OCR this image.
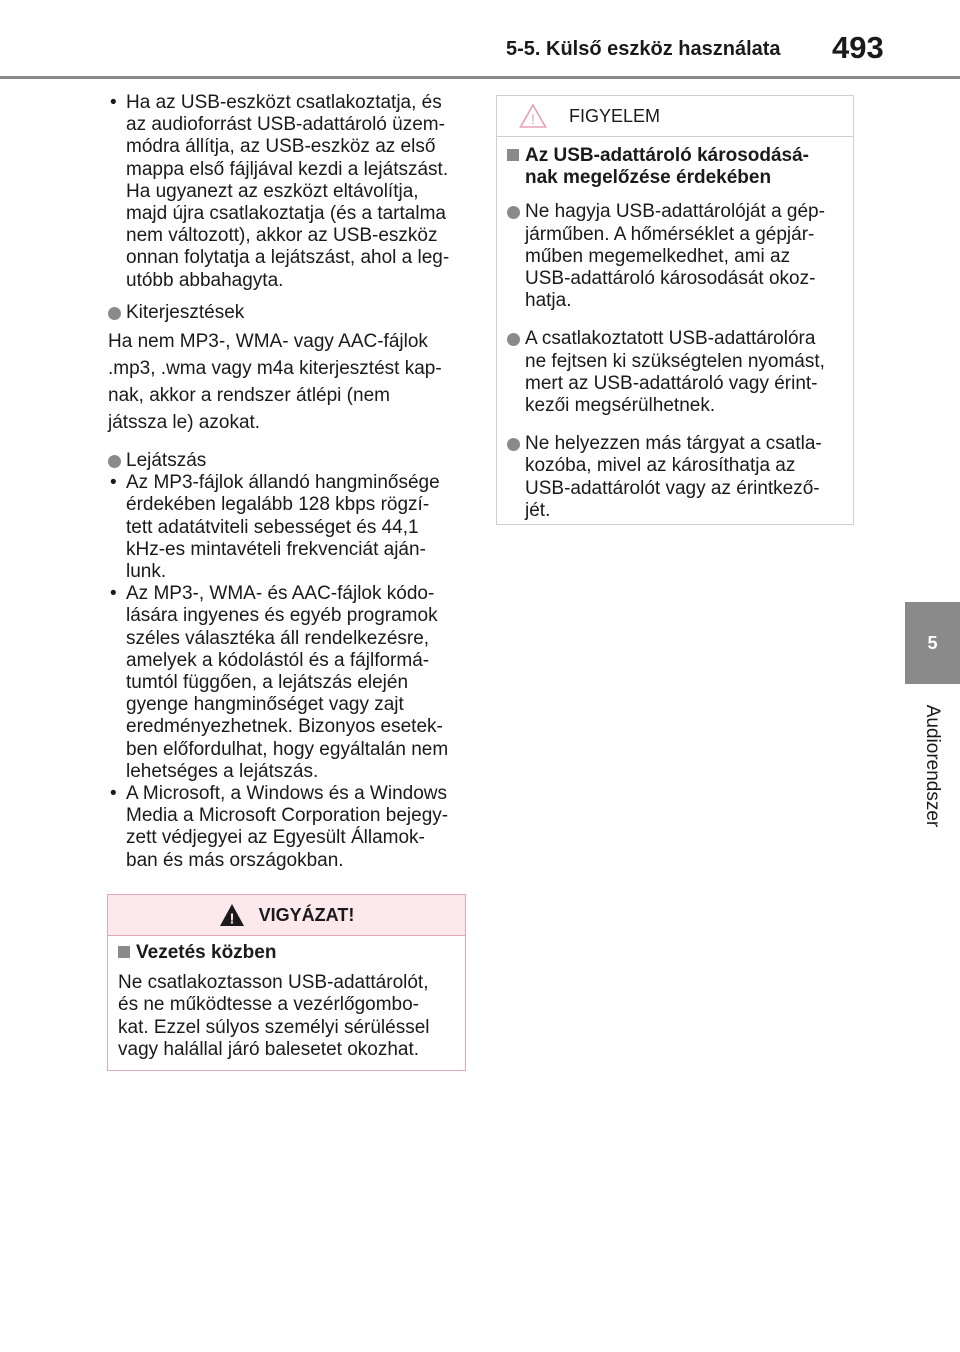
5-5. Külső eszköz használata 493
5
Audiorendszer
• Ha az USB-eszközt csatlakoztatja, és
az audioforrást USB-adattároló üzem-
módra állítja, az USB-eszköz az első
mappa első fájljával kezdi a lejátszást.
Ha ugyanezt az eszközt eltávolítja,
majd újra csatlakoztatja (és a tartalma
nem változott), akkor az USB-eszköz
onnan folytatja a lejátszást, ahol a leg-
utóbb abbahagyta.
Kiterjesztések
Ha nem MP3-, WMA- vagy AAC-fájlok
.mp3, .wma vagy m4a kiterjesztést kap-
nak, akkor a rendszer átlépi (nem
játssza le) azokat.
Lejátszás
• Az MP3-fájlok állandó hangminősége
érdekében legalább 128 kbps rögzí-
tett adatátviteli sebességet és 44,1
kHz-es mintavételi frekvenciát aján-
lunk.
• Az MP3-, WMA- és AAC-fájlok kódo-
lására ingyenes és egyéb programok
széles választéka áll rendelkezésre,
amelyek a kódolástól és a fájlformá-
tumtól függően, a lejátszás elején
gyenge hangminőséget vagy zajt
eredményezhetnek. Bizonyos esetek-
ben előfordulhat, hogy egyáltalán nem
lehetséges a lejátszás.
• A Microsoft, a Windows és a Windows
Media a Microsoft Corporation bejegy-
zett védjegyei az Egyesült Államok-
ban és más országokban.
! VIGYÁZAT!
Vezetés közben
Ne csatlakoztasson USB-adattárolót,
és ne működtesse a vezérlőgombo-
kat. Ezzel súlyos személyi sérüléssel
vagy halállal járó balesetet okozhat.
! FIGYELEM
Az USB-adattároló károsodásá-
nak megelőzése érdekében
Ne hagyja USB-adattárolóját a gép-
járműben. A hőmérséklet a gépjár-
műben megemelkedhet, ami az
USB-adattároló károsodását okoz-
hatja.
A csatlakoztatott USB-adattárolóra
ne fejtsen ki szükségtelen nyomást,
mert az USB-adattároló vagy érint-
kezői megsérülhetnek.
Ne helyezzen más tárgyat a csatla-
kozóba, mivel az károsíthatja az
USB-adattárolót vagy az érintkező-
jét.
